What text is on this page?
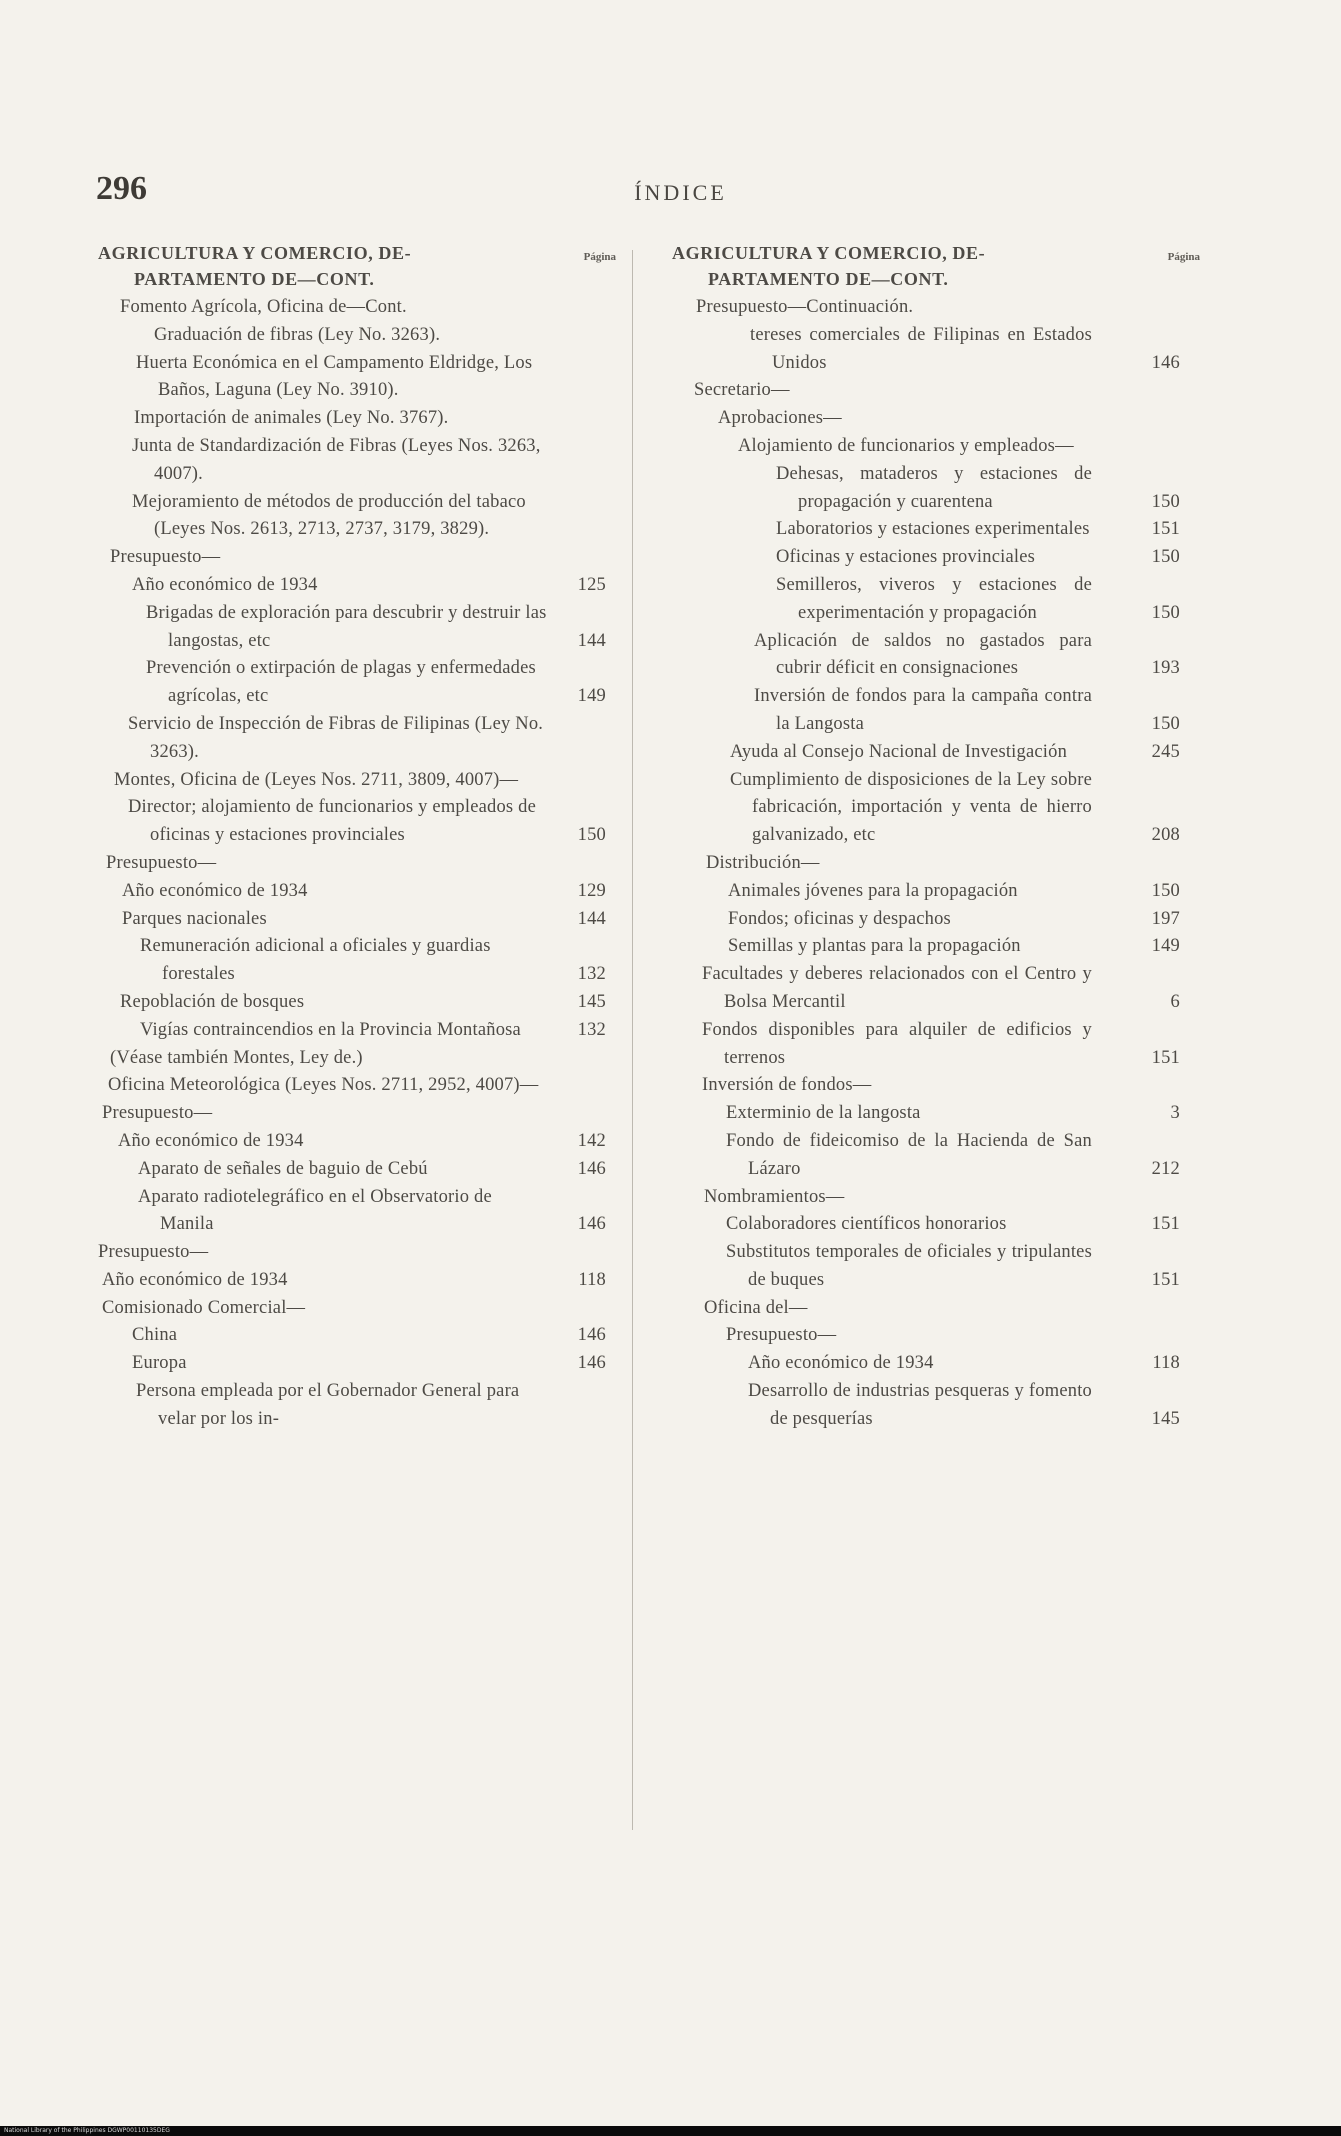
296	ÍNDICE
AGRICULTURA Y COMERCIO, DE-
PARTAMENTO DE—CONT.
Página
Fomento Agrícola, Oficina de—Cont.
Graduación de fibras (Ley No. 3263).
Huerta Económica en el Campamento Eldridge, Los Baños, Laguna (Ley No. 3910).
Importación de animales (Ley No. 3767).
Junta de Standardización de Fibras (Leyes Nos. 3263, 4007).
Mejoramiento de métodos de producción del tabaco (Leyes Nos. 2613, 2713, 2737, 3179, 3829).
Presupuesto—
Año económico de 1934	125
Brigadas de exploración para descubrir y destruir las langostas, etc	144
Prevención o extirpación de plagas y enfermedades agrícolas, etc	149
Servicio de Inspección de Fibras de Filipinas (Ley No. 3263).
Montes, Oficina de (Leyes Nos. 2711, 3809, 4007)—
Director; alojamiento de funcionarios y empleados de oficinas y estaciones provinciales	150
Presupuesto—
Año económico de 1934	129
Parques nacionales	144
Remuneración adicional a oficiales y guardias forestales	132
Repoblación de bosques	145
Vigías contraincendios en la Provincia Montañosa	132
(Véase también Montes, Ley de.)
Oficina Meteorológica (Leyes Nos. 2711, 2952, 4007)—
Presupuesto—
Año económico de 1934	142
Aparato de señales de baguio de Cebú	146
Aparato radiotelegráfico en el Observatorio de Manila	146
Presupuesto—
Año económico de 1934	118
Comisionado Comercial—
China	146
Europa	146
Persona empleada por el Gobernador General para velar por los in-
AGRICULTURA Y COMERCIO, DE-
PARTAMENTO DE—CONT.
Página
Presupuesto—Continuación.
tereses comerciales de Filipinas en Estados Unidos	146
Secretario—
Aprobaciones—
Alojamiento de funcionarios y empleados—
Dehesas, mataderos y estaciones de propagación y cuarentena	150
Laboratorios y estaciones experimentales	151
Oficinas y estaciones provinciales	150
Semilleros, viveros y estaciones de experimentación y propagación	150
Aplicación de saldos no gastados para cubrir déficit en consignaciones	193
Inversión de fondos para la campaña contra la Langosta	150
Ayuda al Consejo Nacional de Investigación	245
Cumplimiento de disposiciones de la Ley sobre fabricación, importación y venta de hierro galvanizado, etc	208
Distribución—
Animales jóvenes para la propagación	150
Fondos; oficinas y despachos	197
Semillas y plantas para la propagación	149
Facultades y deberes relacionados con el Centro y Bolsa Mercantil	6
Fondos disponibles para alquiler de edificios y terrenos	151
Inversión de fondos—
Exterminio de la langosta	3
Fondo de fideicomiso de la Hacienda de San Lázaro	212
Nombramientos—
Colaboradores científicos honorarios	151
Substitutos temporales de oficiales y tripulantes de buques	151
Oficina del—
Presupuesto—
Año económico de 1934	118
Desarrollo de industrias pesqueras y fomento de pesquerías	145
National Library of the Philippines DGWP00110135DEG
